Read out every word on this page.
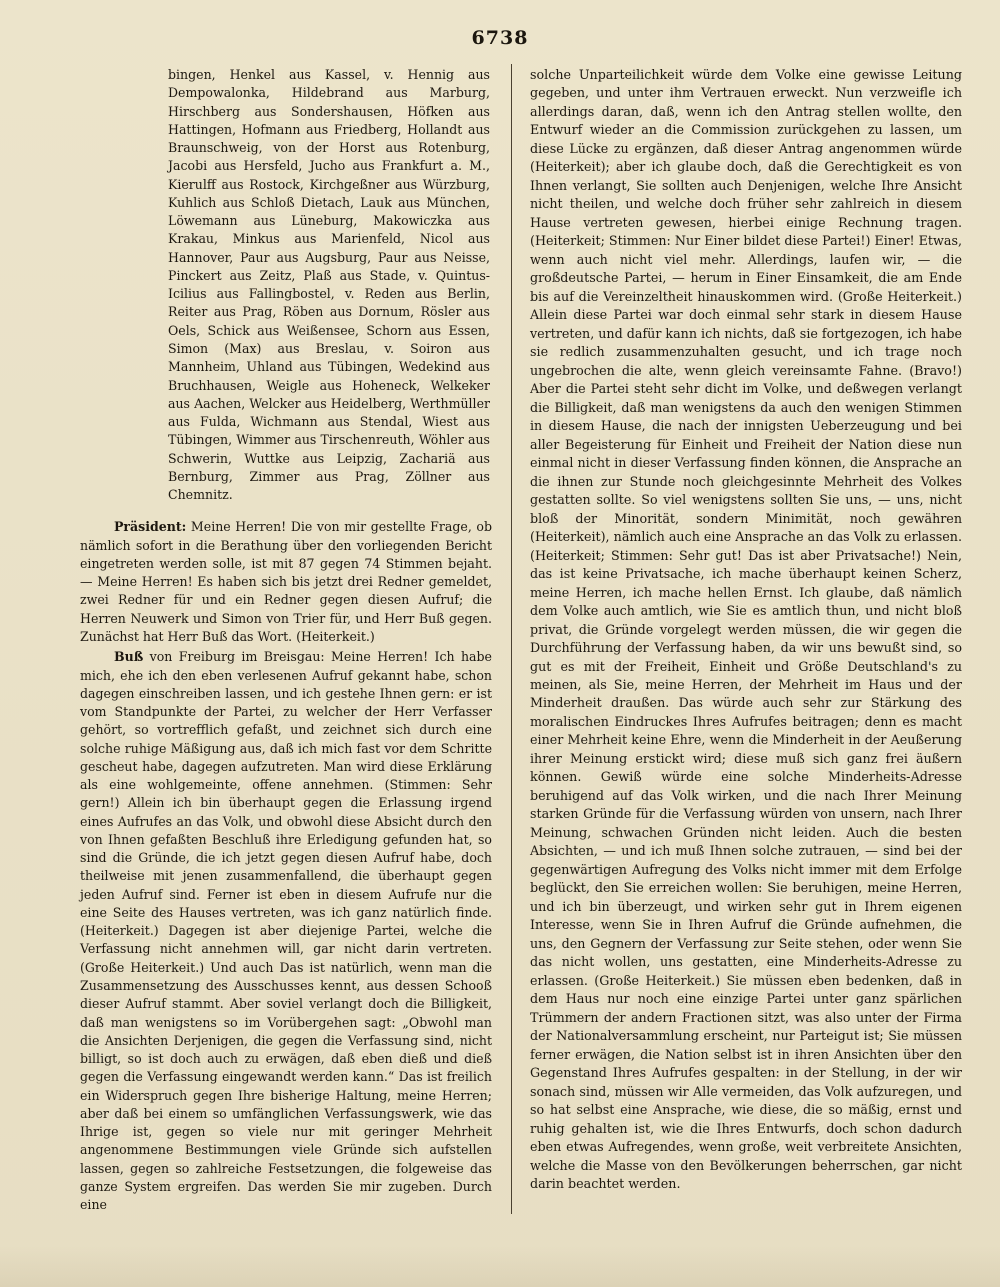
6738

bingen, Henkel aus Kassel, v. Hennig aus Dempowalonka, Hildebrand aus Marburg, Hirschberg aus Sondershausen, Höfken aus Hattingen, Hofmann aus Friedberg, Hollandt aus Braunschweig, von der Horst aus Rotenburg, Jacobi aus Hersfeld, Jucho aus Frankfurt a. M., Kierulff aus Rostock, Kirchgeßner aus Würzburg, Kuhlich aus Schloß Dietach, Lauk aus München, Löwemann aus Lüneburg, Makowiczka aus Krakau, Minkus aus Marienfeld, Nicol aus Hannover, Paur aus Augsburg, Paur aus Neisse, Pinckert aus Zeitz, Plaß aus Stade, v. Quintus-Icilius aus Fallingbostel, v. Reden aus Berlin, Reiter aus Prag, Röben aus Dornum, Rösler aus Oels, Schick aus Weißensee, Schorn aus Essen, Simon (Max) aus Breslau, v. Soiron aus Mannheim, Uhland aus Tübingen, Wedekind aus Bruchhausen, Weigle aus Hoheneck, Welkeker aus Aachen, Welcker aus Heidelberg, Werthmüller aus Fulda, Wichmann aus Stendal, Wiest aus Tübingen, Wimmer aus Tirschenreuth, Wöhler aus Schwerin, Wuttke aus Leipzig, Zachariä aus Bernburg, Zimmer aus Prag, Zöllner aus Chemnitz.

Präsident: Meine Herren! Die von mir gestellte Frage, ob nämlich sofort in die Berathung über den vorliegenden Bericht eingetreten werden solle, ist mit 87 gegen 74 Stimmen bejaht. — Meine Herren! Es haben sich bis jetzt drei Redner gemeldet, zwei Redner für und ein Redner gegen diesen Aufruf; die Herren Neuwerk und Simon von Trier für, und Herr Buß gegen. Zunächst hat Herr Buß das Wort. (Heiterkeit.)

Buß von Freiburg im Breisgau: Meine Herren! Ich habe mich, ehe ich den eben verlesenen Aufruf gekannt habe, schon dagegen einschreiben lassen, und ich gestehe Ihnen gern: er ist vom Standpunkte der Partei, zu welcher der Herr Verfasser gehört, so vortrefflich gefaßt, und zeichnet sich durch eine solche ruhige Mäßigung aus, daß ich mich fast vor dem Schritte gescheut habe, dagegen aufzutreten. Man wird diese Erklärung als eine wohlgemeinte, offene annehmen. (Stimmen: Sehr gern!) Allein ich bin überhaupt gegen die Erlassung irgend eines Aufrufes an das Volk, und obwohl diese Absicht durch den von Ihnen gefaßten Beschluß ihre Erledigung gefunden hat, so sind die Gründe, die ich jetzt gegen diesen Aufruf habe, doch theilweise mit jenen zusammenfallend, die überhaupt gegen jeden Aufruf sind. Ferner ist eben in diesem Aufrufe nur die eine Seite des Hauses vertreten, was ich ganz natürlich finde. (Heiterkeit.) Dagegen ist aber diejenige Partei, welche die Verfassung nicht annehmen will, gar nicht darin vertreten. (Große Heiterkeit.) Und auch Das ist natürlich, wenn man die Zusammensetzung des Ausschusses kennt, aus dessen Schooß dieser Aufruf stammt. Aber soviel verlangt doch die Billigkeit, daß man wenigstens so im Vorübergehen sagt: „Obwohl man die Ansichten Derjenigen, die gegen die Verfassung sind, nicht billigt, so ist doch auch zu erwägen, daß eben dieß und dieß gegen die Verfassung eingewandt werden kann.“ Das ist freilich ein Widerspruch gegen Ihre bisherige Haltung, meine Herren; aber daß bei einem so umfänglichen Verfassungswerk, wie das Ihrige ist, gegen so viele nur mit geringer Mehrheit angenommene Bestimmungen viele Gründe sich aufstellen lassen, gegen so zahlreiche Festsetzungen, die folgeweise das ganze System ergreifen. Das werden Sie mir zugeben. Durch eine

solche Unparteilichkeit würde dem Volke eine gewisse Leitung gegeben, und unter ihm Vertrauen erweckt. Nun verzweifle ich allerdings daran, daß, wenn ich den Antrag stellen wollte, den Entwurf wieder an die Commission zurückgehen zu lassen, um diese Lücke zu ergänzen, daß dieser Antrag angenommen würde (Heiterkeit); aber ich glaube doch, daß die Gerechtigkeit es von Ihnen verlangt, Sie sollten auch Denjenigen, welche Ihre Ansicht nicht theilen, und welche doch früher sehr zahlreich in diesem Hause vertreten gewesen, hierbei einige Rechnung tragen. (Heiterkeit; Stimmen: Nur Einer bildet diese Partei!) Einer! Etwas, wenn auch nicht viel mehr. Allerdings, laufen wir, — die großdeutsche Partei, — herum in Einer Einsamkeit, die am Ende bis auf die Vereinzeltheit hinauskommen wird. (Große Heiterkeit.) Allein diese Partei war doch einmal sehr stark in diesem Hause vertreten, und dafür kann ich nichts, daß sie fortgezogen, ich habe sie redlich zusammenzuhalten gesucht, und ich trage noch ungebrochen die alte, wenn gleich vereinsamte Fahne. (Bravo!) Aber die Partei steht sehr dicht im Volke, und deßwegen verlangt die Billigkeit, daß man wenigstens da auch den wenigen Stimmen in diesem Hause, die nach der innigsten Ueberzeugung und bei aller Begeisterung für Einheit und Freiheit der Nation diese nun einmal nicht in dieser Verfassung finden können, die Ansprache an die ihnen zur Stunde noch gleichgesinnte Mehrheit des Volkes gestatten sollte. So viel wenigstens sollten Sie uns, — uns, nicht bloß der Minorität, sondern Minimität, noch gewähren (Heiterkeit), nämlich auch eine Ansprache an das Volk zu erlassen. (Heiterkeit; Stimmen: Sehr gut! Das ist aber Privatsache!) Nein, das ist keine Privatsache, ich mache überhaupt keinen Scherz, meine Herren, ich mache hellen Ernst. Ich glaube, daß nämlich dem Volke auch amtlich, wie Sie es amtlich thun, und nicht bloß privat, die Gründe vorgelegt werden müssen, die wir gegen die Durchführung der Verfassung haben, da wir uns bewußt sind, so gut es mit der Freiheit, Einheit und Größe Deutschland's zu meinen, als Sie, meine Herren, der Mehrheit im Haus und der Minderheit draußen. Das würde auch sehr zur Stärkung des moralischen Eindruckes Ihres Aufrufes beitragen; denn es macht einer Mehrheit keine Ehre, wenn die Minderheit in der Aeußerung ihrer Meinung erstickt wird; diese muß sich ganz frei äußern können. Gewiß würde eine solche Minderheits-Adresse beruhigend auf das Volk wirken, und die nach Ihrer Meinung starken Gründe für die Verfassung würden von unsern, nach Ihrer Meinung, schwachen Gründen nicht leiden. Auch die besten Absichten, — und ich muß Ihnen solche zutrauen, — sind bei der gegenwärtigen Aufregung des Volks nicht immer mit dem Erfolge beglückt, den Sie erreichen wollen: Sie beruhigen, meine Herren, und ich bin überzeugt, und wirken sehr gut in Ihrem eigenen Interesse, wenn Sie in Ihren Aufruf die Gründe aufnehmen, die uns, den Gegnern der Verfassung zur Seite stehen, oder wenn Sie das nicht wollen, uns gestatten, eine Minderheits-Adresse zu erlassen. (Große Heiterkeit.) Sie müssen eben bedenken, daß in dem Haus nur noch eine einzige Partei unter ganz spärlichen Trümmern der andern Fractionen sitzt, was also unter der Firma der Nationalversammlung erscheint, nur Parteigut ist; Sie müssen ferner erwägen, die Nation selbst ist in ihren Ansichten über den Gegenstand Ihres Aufrufes gespalten: in der Stellung, in der wir sonach sind, müssen wir Alle vermeiden, das Volk aufzuregen, und so hat selbst eine Ansprache, wie diese, die so mäßig, ernst und ruhig gehalten ist, wie die Ihres Entwurfs, doch schon dadurch eben etwas Aufregendes, wenn große, weit verbreitete Ansichten, welche die Masse von den Bevölkerungen beherrschen, gar nicht darin beachtet werden.
